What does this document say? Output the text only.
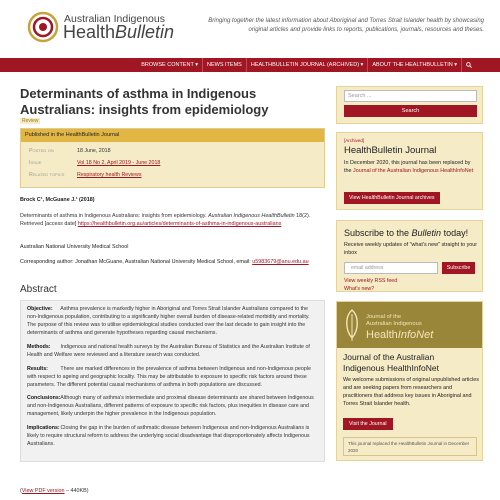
Australian Indigenous
HealthBulletin
Bringing together the latest information about Aboriginal and Torres Strait Islander health by showcasing original articles and provide links to reports, publications, journals, resources and theses.
BROWSE CONTENT ▾	NEWS ITEMS	HEALTHBULLETIN JOURNAL (ARCHIVED) ▾	ABOUT THE HEALTHBULLETIN ▾
Determinants of asthma in Indigenous Australians: insights from epidemiology
Review
Published in the HealthBulletin Journal
Posted on	18 June, 2018
Issue	Vol 18 No 2, April 2019 - June 2018
Related topics	Respiratory health Reviews
Brock C¹, McGuane J.¹ (2018)
Determinants of asthma in Indigenous Australians: insights from epidemiology. Australian Indigenous HealthBulletin 18(2). Retrieved [access date] https://healthbulletin.org.au/articles/determinants-of-asthma-in-indigenous-australians
Australian National University Medical School
Corresponding author: Jonathan McGuane, Australian National University Medical School, email: u5983679@anu.edu.au
Abstract

Objective: Asthma prevalence is markedly higher in Aboriginal and Torres Strait Islander Australians compared to the non-Indigenous population, contributing to a significantly higher overall burden of disease-related morbidity and mortality. The purpose of this review was to utilise epidemiological studies conducted over the last decade to gain insight into the determinants of asthma and generate hypotheses regarding causal mechanisms.

Methods: Indigenous and national health surveys by the Australian Bureau of Statistics and the Australian Institute of Health and Welfare were reviewed and a literature search was conducted.

Results: There are marked differences in the prevalence of asthma between Indigenous and non-Indigenous people with respect to ageing and geographic locality. This may be attributable to exposure to specific risk factors around these parameters. The different potential causal mechanisms of asthma in both populations are discussed.

Conclusions: Although many of asthma's intermediate and proximal disease determinants are shared between Indigenous and non-Indigenous Australians, different patterns of exposure to specific risk factors, plus inequities in disease care and management, likely underpin the higher prevalence in the Indigenous population.

Implications: Closing the gap in the burden of asthmatic disease between Indigenous and non-Indigenous Australians is likely to require structural reform to address the underlying social disadvantage that disproportionately affects Indigenous Australians.

(View PDF version – 440KB)
Search ...
Search
[Archived]
HealthBulletin Journal
In December 2020, this journal has been replaced by the Journal of the Australian Indigenous HealthInfoNet
View HealthBulletin Journal archives
Subscribe to the Bulletin today!
Receive weekly updates of "what's new" straight to your inbox
email address	Subscribe
View weekly RSS feed
What's new?
Journal of the
Australian Indigenous
HealthInfoNet
Journal of the Australian Indigenous HealthInfoNet
We welcome submissions of original unpublished articles and are seeking papers from researchers and practitioners that address key issues in Aboriginal and Torres Strait Islander health.
Visit the Journal
This journal replaced the HealthBulletin Journal in December 2020
